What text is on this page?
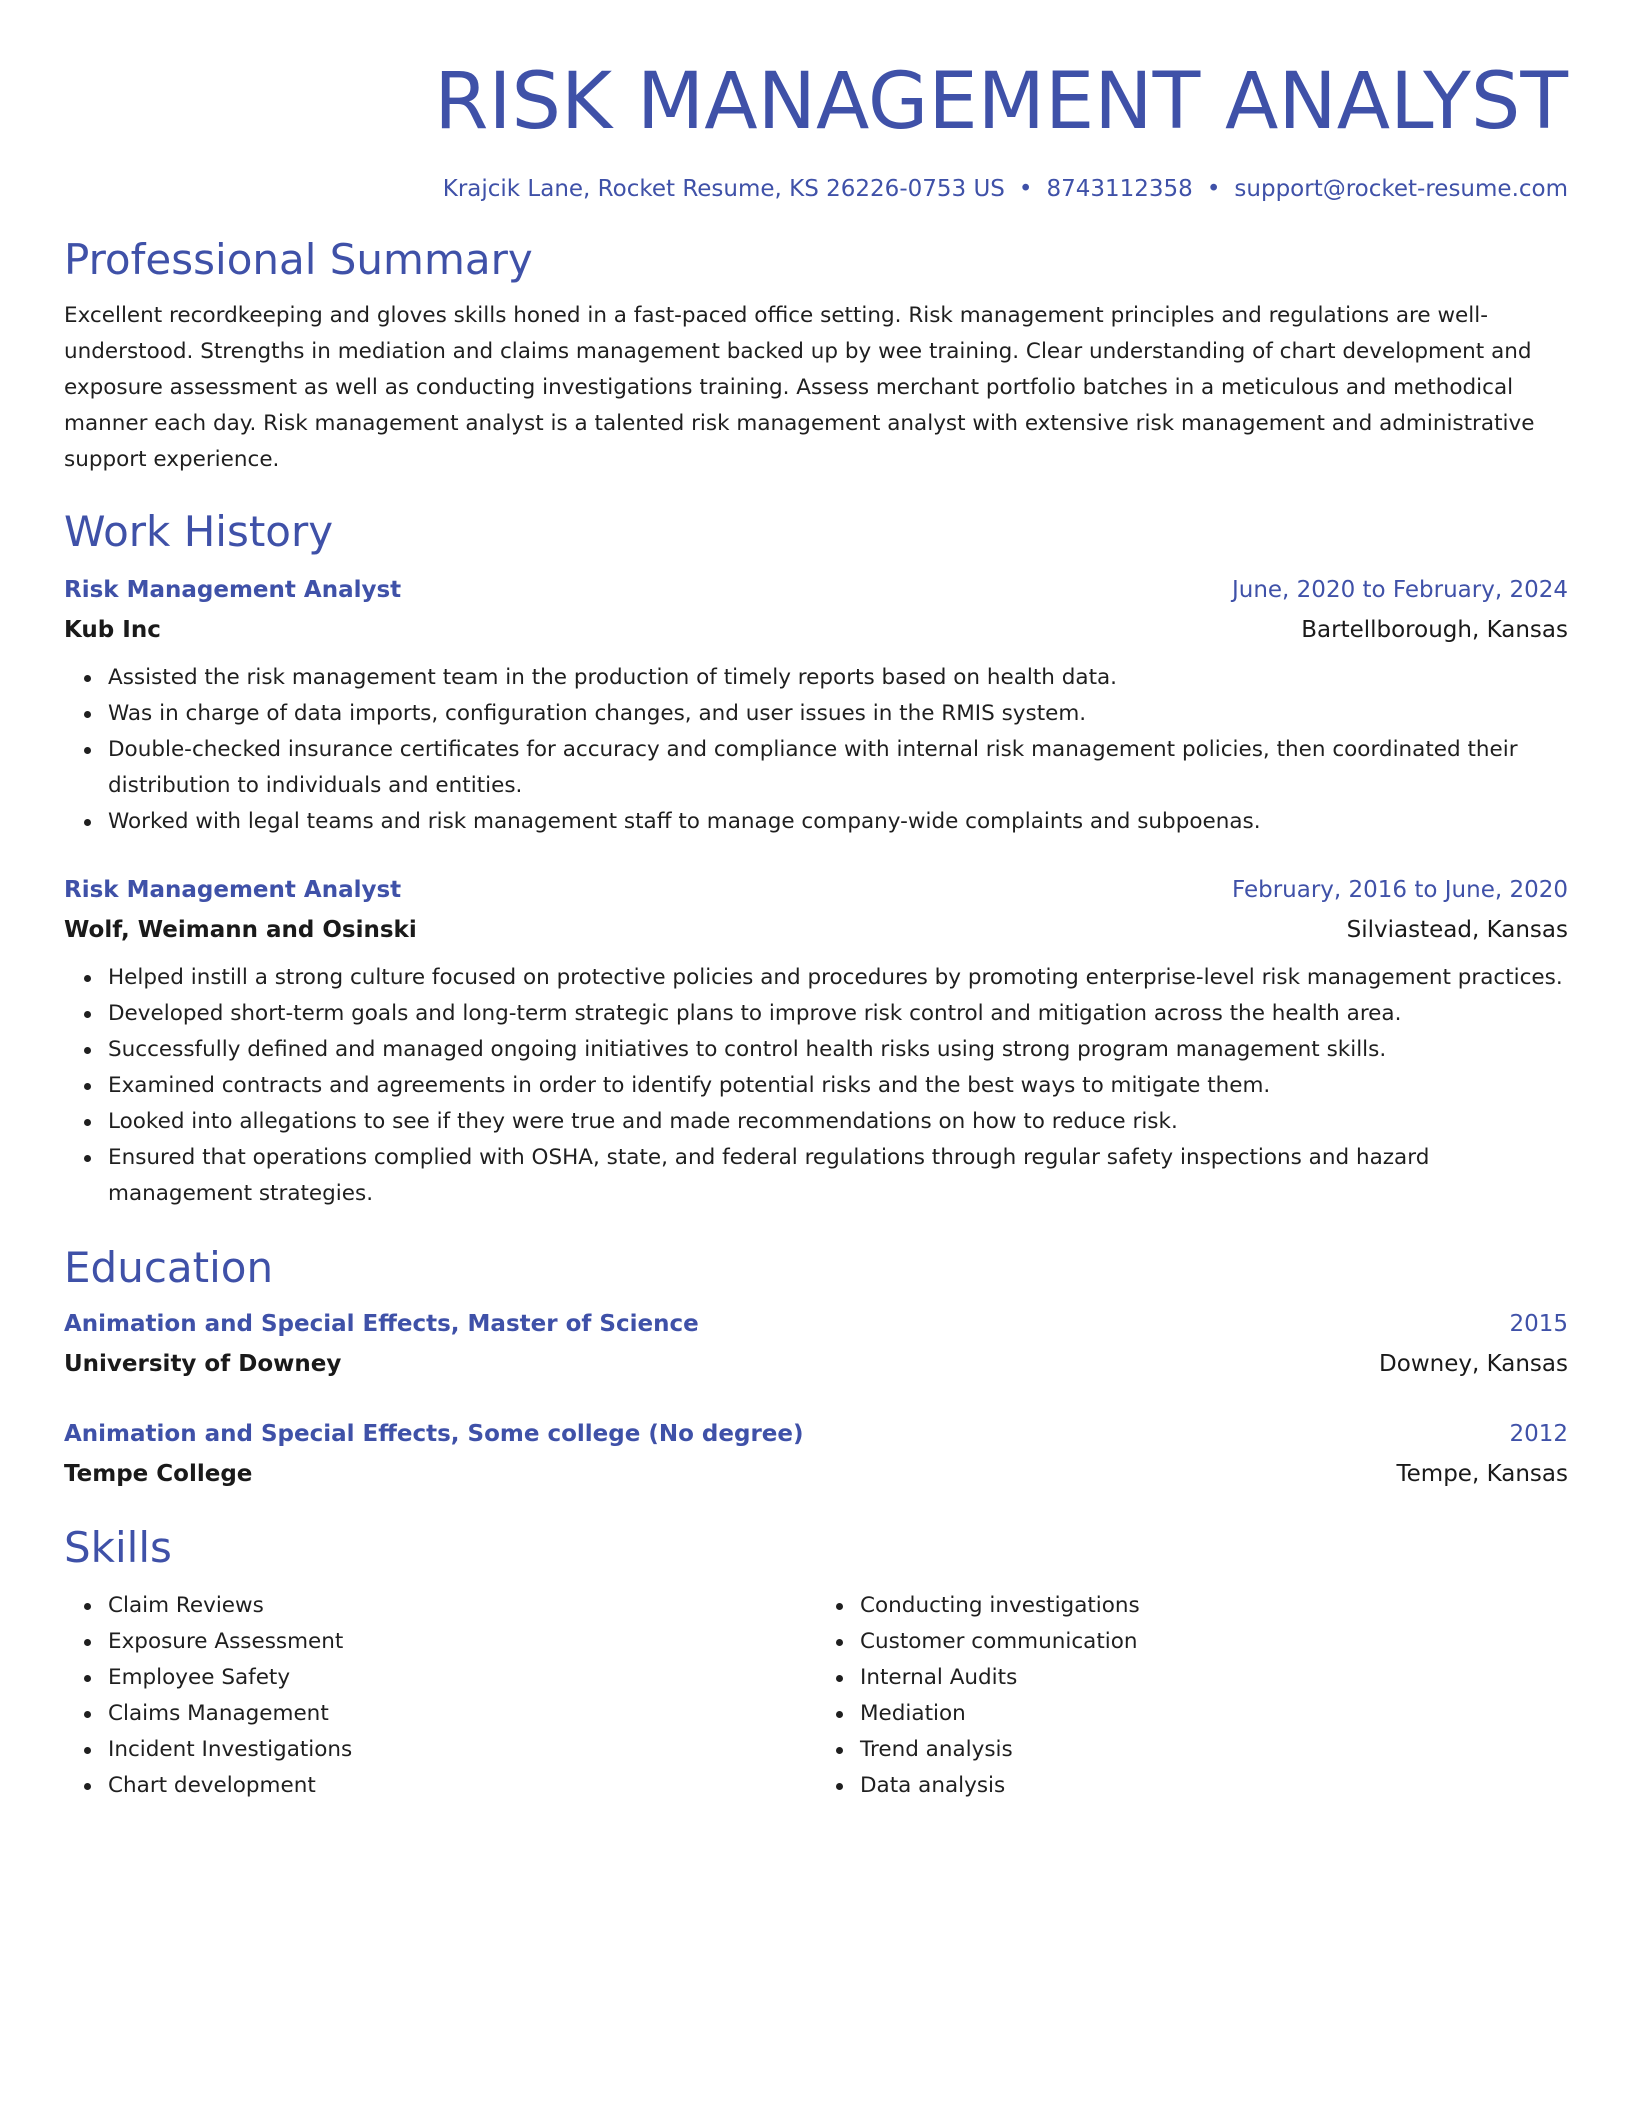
RISK MANAGEMENT ANALYST
Krajcik Lane, Rocket Resume, KS 26226-0753 US • 8743112358 • support@rocket-resume.com
Professional Summary

Excellent recordkeeping and gloves skills honed in a fast-paced office setting. Risk management principles and regulations are well-understood. Strengths in mediation and claims management backed up by wee training. Clear understanding of chart development and exposure assessment as well as conducting investigations training. Assess merchant portfolio batches in a meticulous and methodical manner each day. Risk management analyst is a talented risk management analyst with extensive risk management and administrative support experience.

Work History
Risk Management Analyst	June, 2020 to February, 2024
Kub Inc	Bartellborough, Kansas
Assisted the risk management team in the production of timely reports based on health data.
Was in charge of data imports, configuration changes, and user issues in the RMIS system.
Double-checked insurance certificates for accuracy and compliance with internal risk management policies, then coordinated their distribution to individuals and entities.
Worked with legal teams and risk management staff to manage company-wide complaints and subpoenas.
Risk Management Analyst	February, 2016 to June, 2020
Wolf, Weimann and Osinski	Silviastead, Kansas
Helped instill a strong culture focused on protective policies and procedures by promoting enterprise-level risk management practices.
Developed short-term goals and long-term strategic plans to improve risk control and mitigation across the health area.
Successfully defined and managed ongoing initiatives to control health risks using strong program management skills.
Examined contracts and agreements in order to identify potential risks and the best ways to mitigate them.
Looked into allegations to see if they were true and made recommendations on how to reduce risk.
Ensured that operations complied with OSHA, state, and federal regulations through regular safety inspections and hazard management strategies.
Education
Animation and Special Effects, Master of Science	2015
University of Downey	Downey, Kansas
Animation and Special Effects, Some college (No degree)	2012
Tempe College	Tempe, Kansas
Skills
Claim Reviews
Exposure Assessment
Employee Safety
Claims Management
Incident Investigations
Chart development
Conducting investigations
Customer communication
Internal Audits
Mediation
Trend analysis
Data analysis
